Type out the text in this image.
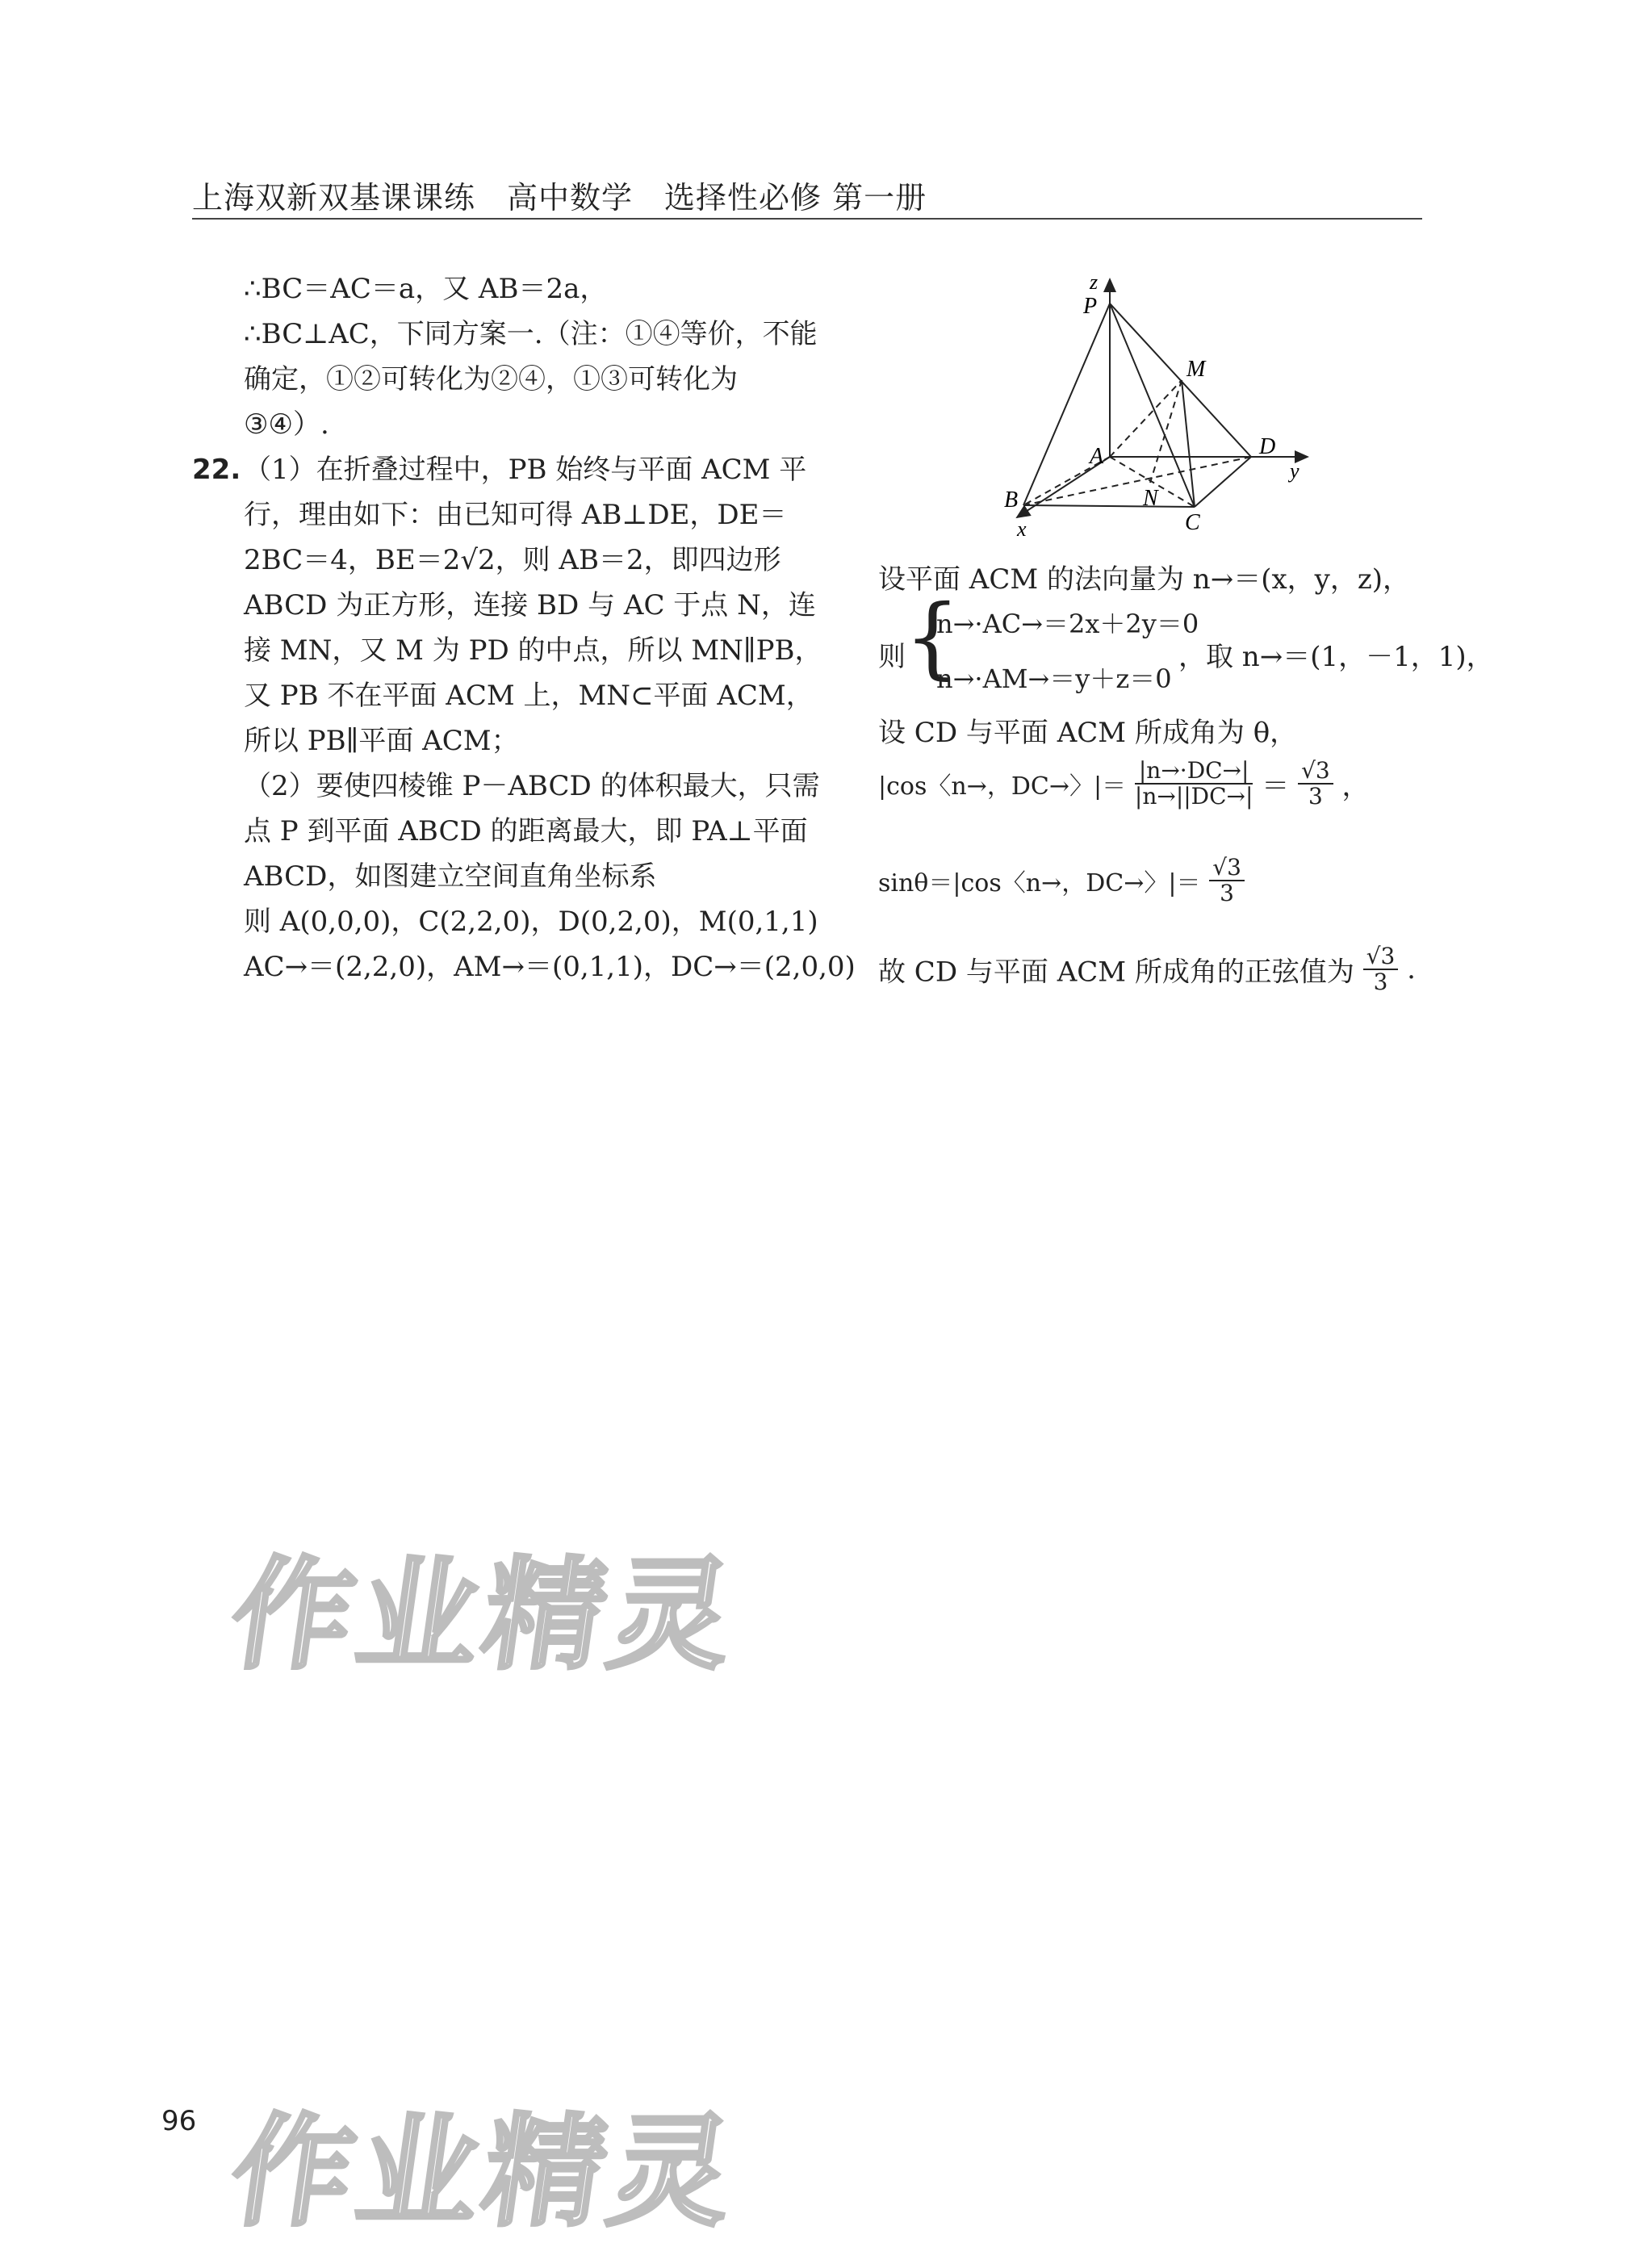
上海双新双基课课练　高中数学　选择性必修 第一册
∴BC＝AC＝a，又 AB＝2a，
∴BC⊥AC，下同方案一.（注：①④等价，不能
确定，①②可转化为②④，①③可转化为
③④）.
22. （1）在折叠过程中，PB 始终与平面 ACM 平
行，理由如下：由已知可得 AB⊥DE，DE＝
2BC＝4，BE＝2√2，则 AB＝2，即四边形
ABCD 为正方形，连接 BD 与 AC 于点 N，连
接 MN，又 M 为 PD 的中点，所以 MN∥PB，
又 PB 不在平面 ACM 上，MN⊂平面 ACM，
所以 PB∥平面 ACM；
（2）要使四棱锥 P－ABCD 的体积最大，只需
点 P 到平面 ABCD 的距离最大，即 PA⊥平面
ABCD，如图建立空间直角坐标系
则 A(0,0,0)，C(2,2,0)，D(0,2,0)，M(0,1,1)
AC→＝(2,2,0)，AM→＝(0,1,1)，DC→＝(2,0,0)
z
P
M
A	D
y
B	N
C
x
设平面 ACM 的法向量为 n→＝(x，y，z)，
则
{
n→·AC→＝2x＋2y＝0
n→·AM→＝y＋z＝0
，取 n→＝(1，－1，1)，
设 CD 与平面 ACM 所成角为 θ，
|cos〈n→，DC→〉|＝ $\frac{|n\to\cdot DC\to|}{|n\to||DC\to|} = \frac{√3}{3}$ ，
sinθ＝|cos〈n→，DC→〉|＝ $\frac{√3}{3}$
故 CD 与平面 ACM 所成角的正弦值为 $\frac{√3}{3}$ .
作业精灵
作业精灵
96
